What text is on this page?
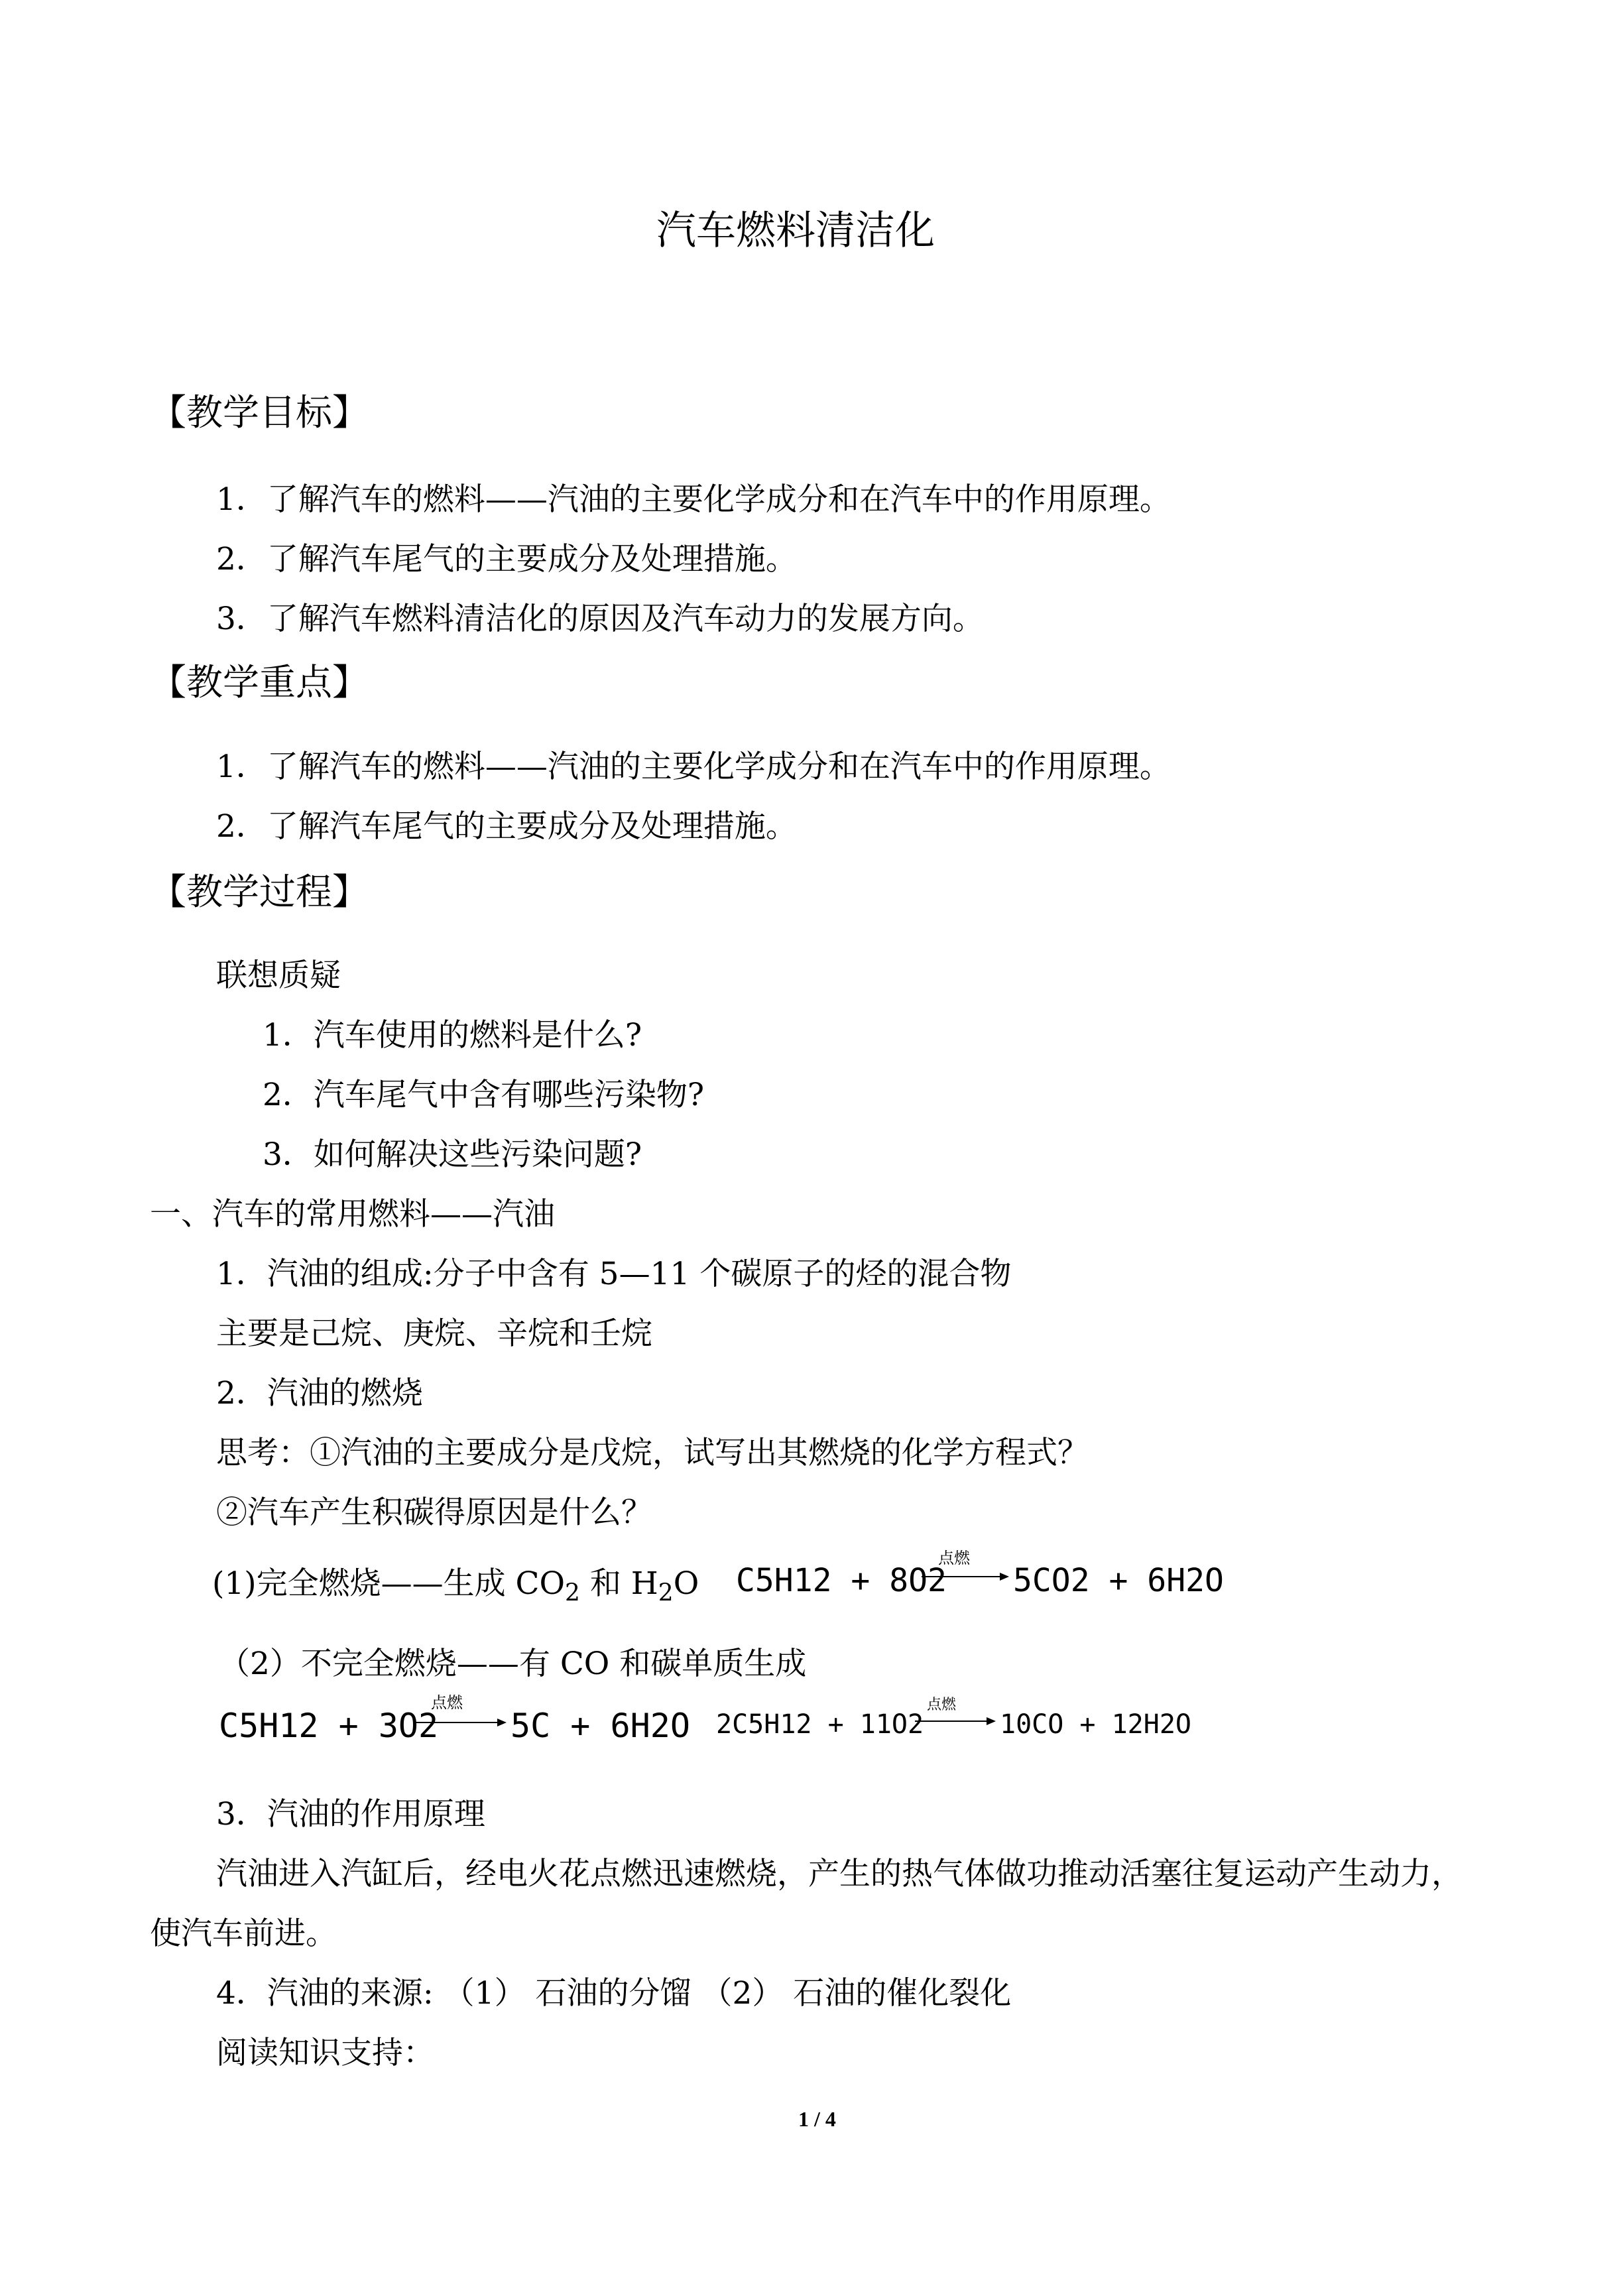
汽车燃料清洁化
【教学目标】
1．了解汽车的燃料——汽油的主要化学成分和在汽车中的作用原理。
2．了解汽车尾气的主要成分及处理措施。
3．了解汽车燃料清洁化的原因及汽车动力的发展方向。
【教学重点】
1．了解汽车的燃料——汽油的主要化学成分和在汽车中的作用原理。
2．了解汽车尾气的主要成分及处理措施。
【教学过程】
联想质疑
1．汽车使用的燃料是什么?
2．汽车尾气中含有哪些污染物?
3．如何解决这些污染问题?
一、汽车的常用燃料——汽油
1．汽油的组成:分子中含有 5—11 个碳原子的烃的混合物
主要是己烷、庚烷、辛烷和壬烷
2．汽油的燃烧
思考：①汽油的主要成分是戊烷，试写出其燃烧的化学方程式？
②汽车产生积碳得原因是什么？
(1)完全燃烧——生成 $CO_2$ 和 $H_2O$ C5H12 + 8O2
点燃
5CO2 + 6H2O
（2）不完全燃烧——有 CO 和碳单质生成
C5H12 + 3O2
点燃
5C + 6H2O 2C5H12 + 11O2
点燃
10CO + 12H2O
3．汽油的作用原理
汽油进入汽缸后，经电火花点燃迅速燃烧，产生的热气体做功推动活塞往复运动产生动力，
使汽车前进。
4．汽油的来源: （1） 石油的分馏 （2） 石油的催化裂化
阅读知识支持：
1 / 4
